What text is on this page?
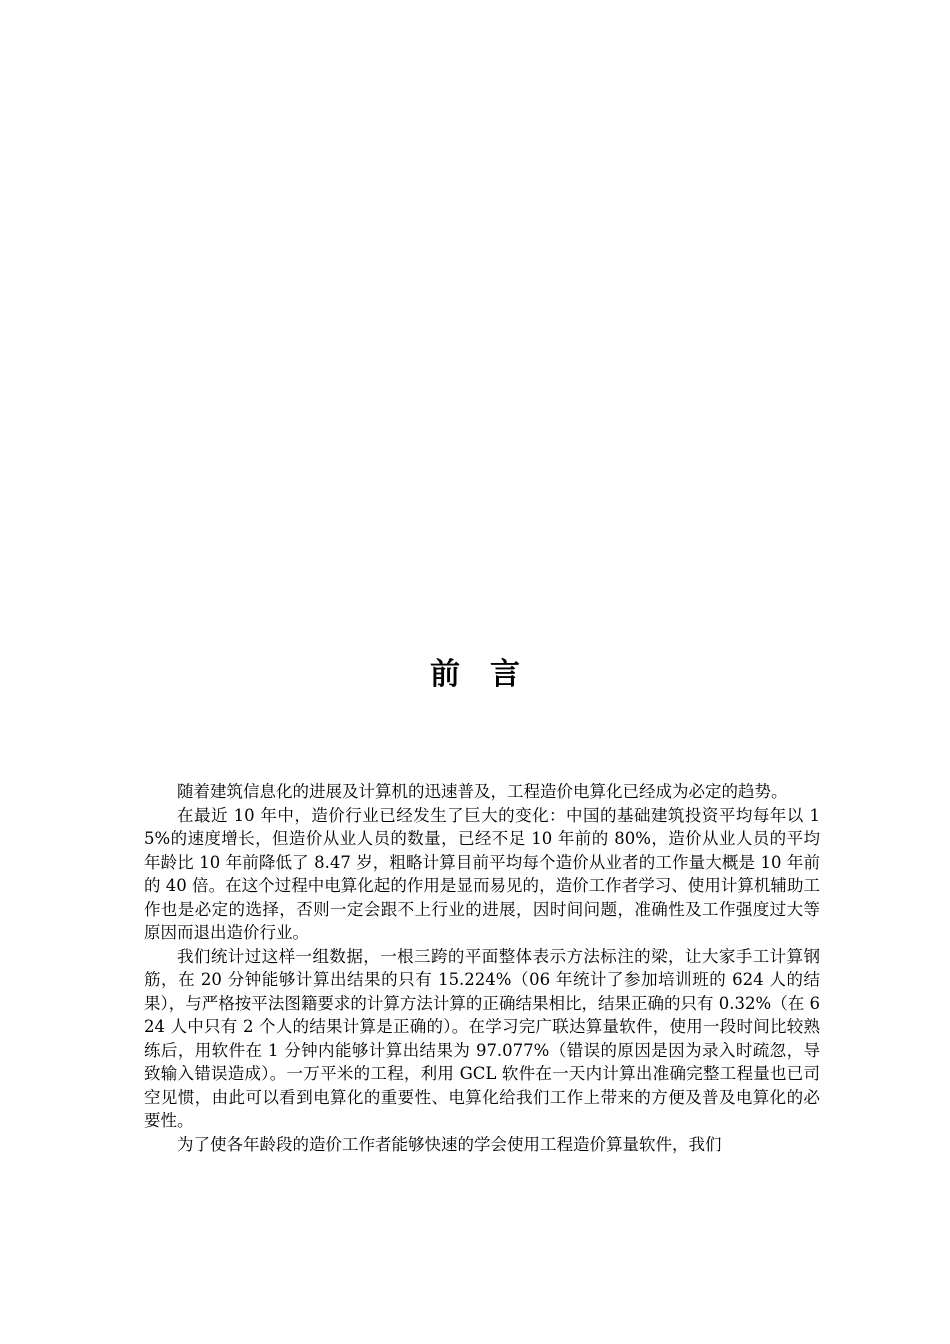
前 言

随着建筑信息化的进展及计算机的迅速普及，工程造价电算化已经成为必定的趋势。

在最近 10 年中，造价行业已经发生了巨大的变化：中国的基础建筑投资平均每年以 15%的速度增长，但造价从业人员的数量，已经不足 10 年前的 80%，造价从业人员的平均年龄比 10 年前降低了 8.47 岁，粗略计算目前平均每个造价从业者的工作量大概是 10 年前的 40 倍。在这个过程中电算化起的作用是显而易见的，造价工作者学习、使用计算机辅助工作也是必定的选择，否则一定会跟不上行业的进展，因时间问题，准确性及工作强度过大等原因而退出造价行业。

我们统计过这样一组数据，一根三跨的平面整体表示方法标注的梁，让大家手工计算钢筋，在 20 分钟能够计算出结果的只有 15.224%（06 年统计了参加培训班的 624 人的结果），与严格按平法图籍要求的计算方法计算的正确结果相比，结果正确的只有 0.32%（在 624 人中只有 2 个人的结果计算是正确的）。在学习完广联达算量软件，使用一段时间比较熟练后，用软件在 1 分钟内能够计算出结果为 97.077%（错误的原因是因为录入时疏忽，导致输入错误造成）。一万平米的工程，利用 GCL 软件在一天内计算出准确完整工程量也已司空见惯，由此可以看到电算化的重要性、电算化给我们工作上带来的方便及普及电算化的必要性。

为了使各年龄段的造价工作者能够快速的学会使用工程造价算量软件，我们
